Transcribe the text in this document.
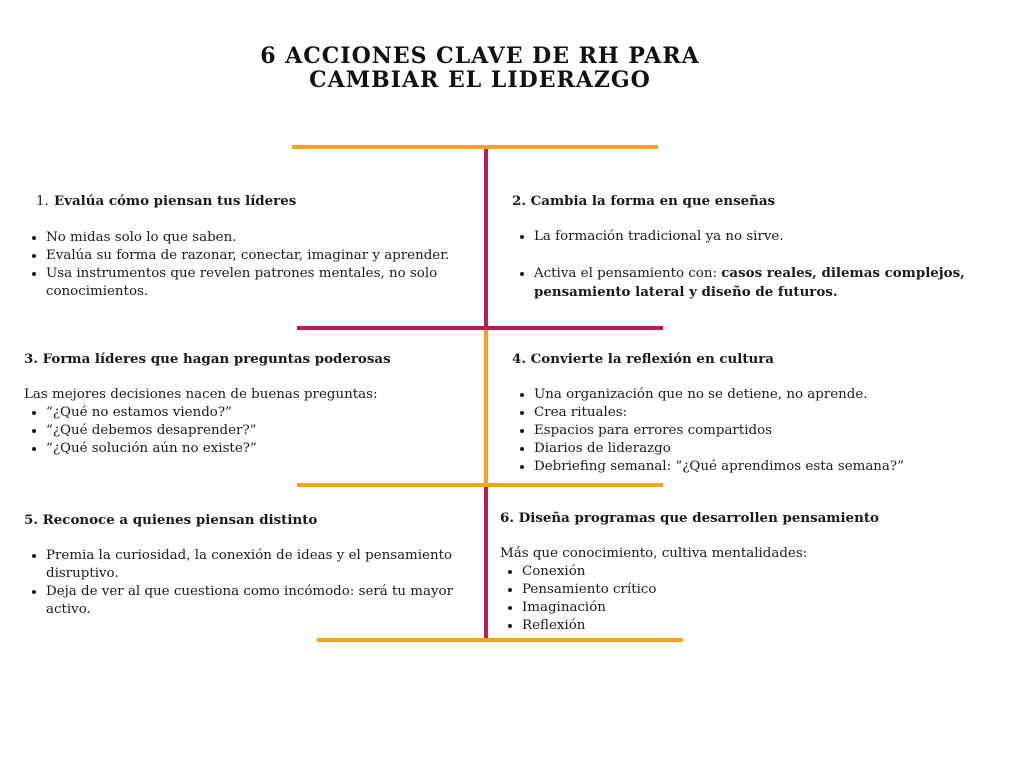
6 ACCIONES CLAVE DE RH PARA CAMBIAR EL LIDERAZGO
1. Evalúa cómo piensan tus líderes
• No midas solo lo que saben.
• Evalúa su forma de razonar, conectar, imaginar y aprender.
• Usa instrumentos que revelen patrones mentales, no solo conocimientos.
2. Cambia la forma en que enseñas
• La formación tradicional ya no sirve.
• Activa el pensamiento con: casos reales, dilemas complejos, pensamiento lateral y diseño de futuros.
3. Forma líderes que hagan preguntas poderosas

Las mejores decisiones nacen de buenas preguntas:

• “¿Qué no estamos viendo?”
• “¿Qué debemos desaprender?”
• “¿Qué solución aún no existe?”
4. Convierte la reflexión en cultura
• Una organización que no se detiene, no aprende.
• Crea rituales:
• Espacios para errores compartidos
• Diarios de liderazgo
• Debriefing semanal: “¿Qué aprendimos esta semana?”
5. Reconoce a quienes piensan distinto
• Premia la curiosidad, la conexión de ideas y el pensamiento disruptivo.
• Deja de ver al que cuestiona como incómodo: será tu mayor activo.
6. Diseña programas que desarrollen pensamiento

Más que conocimiento, cultiva mentalidades:

• Conexión
• Pensamiento crítico
• Imaginación
• Reflexión
